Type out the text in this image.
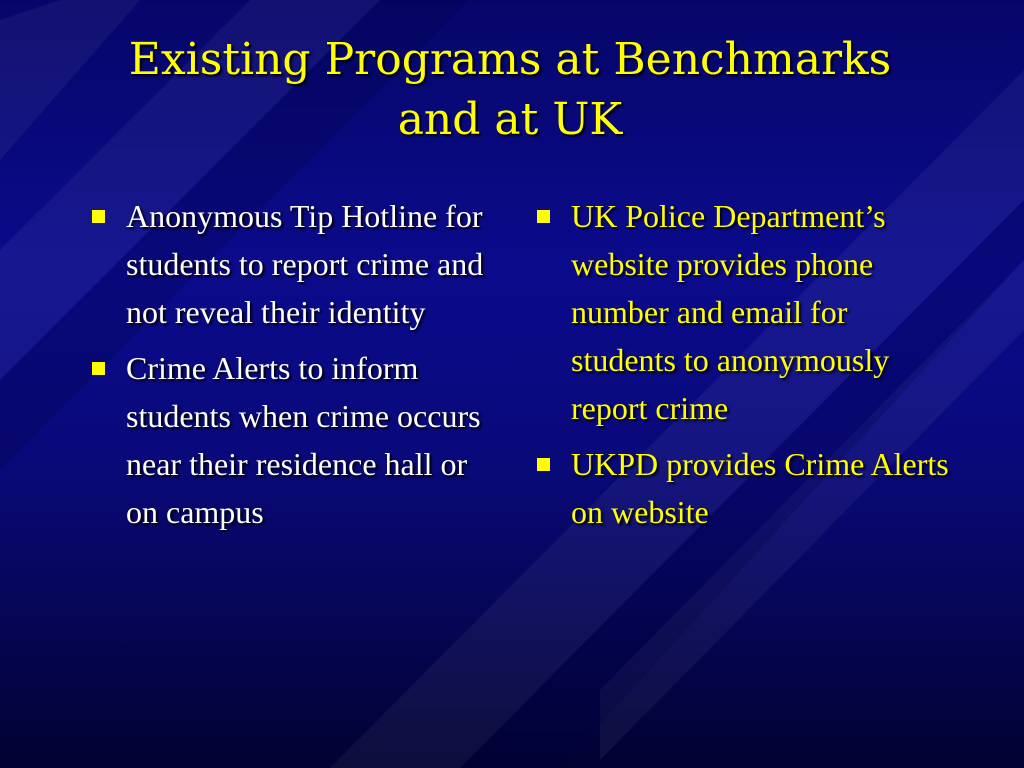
Existing Programs at Benchmarks
and at UK
Anonymous Tip Hotline for students to report crime and not reveal their identity
Crime Alerts to inform students when crime occurs near their residence hall or on campus
UK Police Department’s website provides phone number and email for students to anonymously report crime
UKPD provides Crime Alerts on website
